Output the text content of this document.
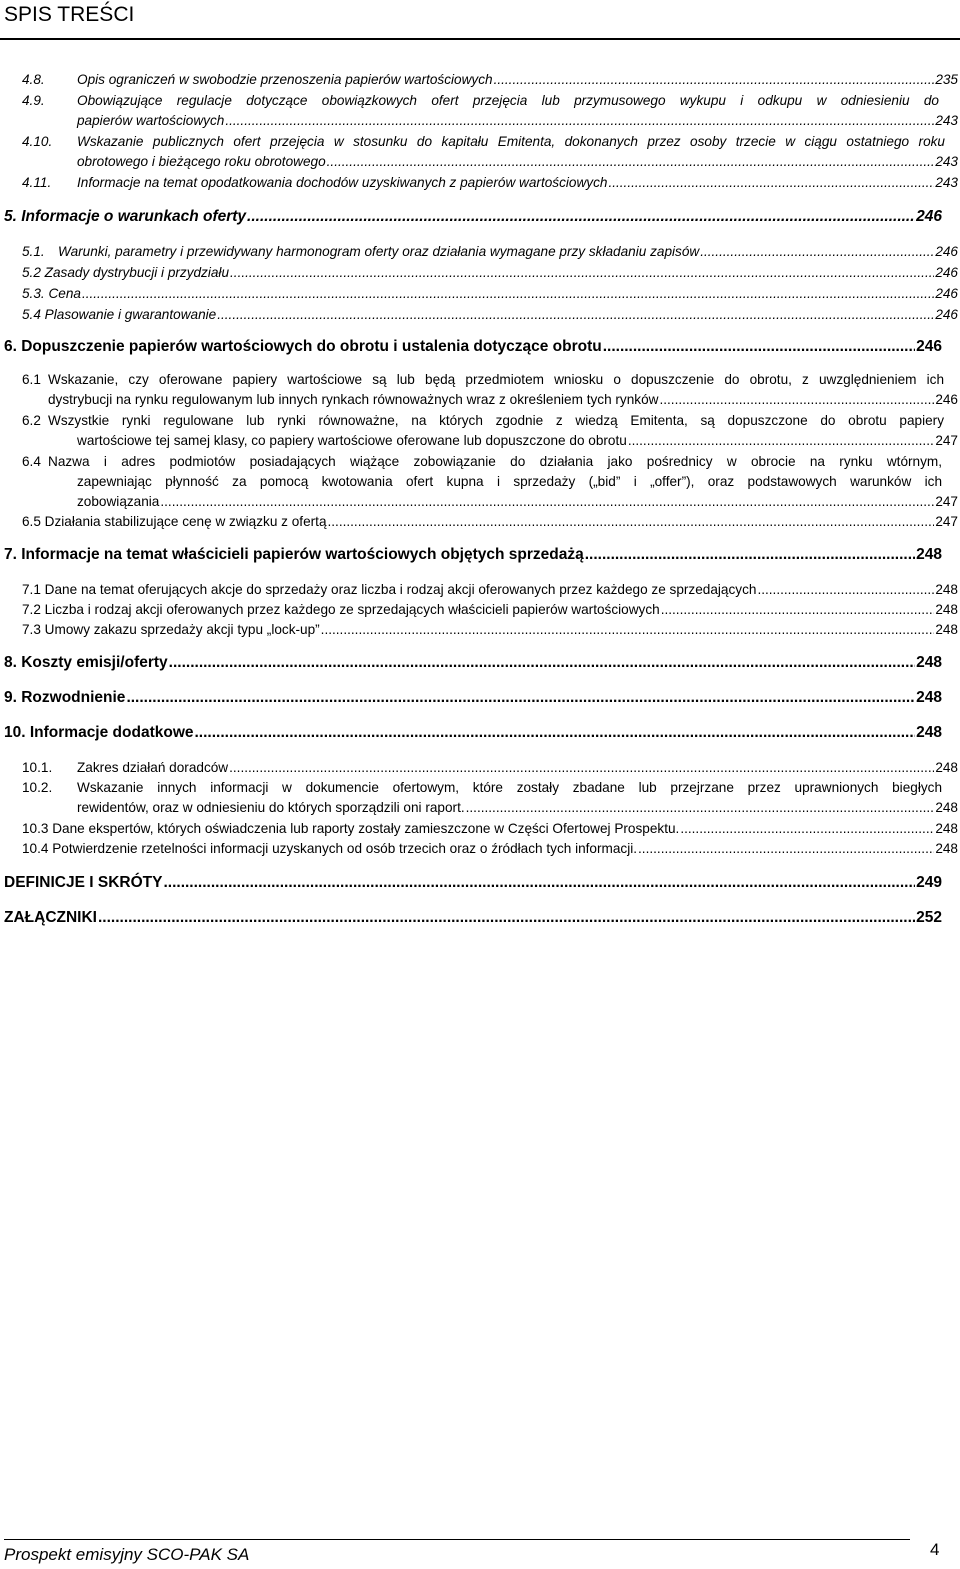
SPIS TREŚCI
4.8. Opis ograniczeń w swobodzie przenoszenia papierów wartościowych .....	235
4.9. Obowiązujące regulacje dotyczące obowiązkowych ofert przejęcia lub przymusowego wykupu i odkupu w odniesieniu do
papierów wartościowych .....	243
4.10. Wskazanie publicznych ofert przejęcia w stosunku do kapitału Emitenta, dokonanych przez osoby trzecie w ciągu ostatniego roku
obrotowego i bieżącego roku obrotowego .....	243
4.11. Informacje na temat opodatkowania dochodów uzyskiwanych z papierów wartościowych .....	243
5. Informacje o warunkach oferty .....	246
5.1. Warunki, parametry i przewidywany harmonogram oferty oraz działania wymagane przy składaniu zapisów .....	246
5.2 Zasady dystrybucji i przydziału .....	246
5.3. Cena .....	246
5.4 Plasowanie i gwarantowanie .....	246
6. Dopuszczenie papierów wartościowych do obrotu i ustalenia dotyczące obrotu .....	246
6.1 Wskazanie, czy oferowane papiery wartościowe są lub będą przedmiotem wniosku o dopuszczenie do obrotu, z uwzględnieniem ich
dystrybucji na rynku regulowanym lub innych rynkach równoważnych wraz z określeniem tych rynków .....	246
6.2 Wszystkie rynki regulowane lub rynki równoważne, na których zgodnie z wiedzą Emitenta, są dopuszczone do obrotu papiery
wartościowe tej samej klasy, co papiery wartościowe oferowane lub dopuszczone do obrotu .....	247
6.4 Nazwa i adres podmiotów posiadających wiążące zobowiązanie do działania jako pośrednicy w obrocie na rynku wtórnym,
zapewniając płynność za pomocą kwotowania ofert kupna i sprzedaży („bid” i „offer”), oraz podstawowych warunków ich
zobowiązania .....	247
6.5 Działania stabilizujące cenę w związku z ofertą .....	247
7. Informacje na temat właścicieli papierów wartościowych objętych sprzedażą .....	248
7.1 Dane na temat oferujących akcje do sprzedaży oraz liczba i rodzaj akcji oferowanych przez każdego ze sprzedających .....	248
7.2 Liczba i rodzaj akcji oferowanych przez każdego ze sprzedających właścicieli papierów wartościowych .....	248
7.3 Umowy zakazu sprzedaży akcji typu „lock-up” .....	248
8. Koszty emisji/oferty .....	248
9. Rozwodnienie .....	248
10. Informacje dodatkowe .....	248
10.1. Zakres działań doradców .....	248
10.2. Wskazanie innych informacji w dokumencie ofertowym, które zostały zbadane lub przejrzane przez uprawnionych biegłych
rewidentów, oraz w odniesieniu do których sporządzili oni raport. .....	248
10.3 Dane ekspertów, których oświadczenia lub raporty zostały zamieszczone w Części Ofertowej Prospektu. .....	248
10.4 Potwierdzenie rzetelności informacji uzyskanych od osób trzecich oraz o źródłach tych informacji. .....	248
DEFINICJE I SKRÓTY .....	249
ZAŁĄCZNIKI .....	252
Prospekt emisyjny SCO-PAK SA	4
